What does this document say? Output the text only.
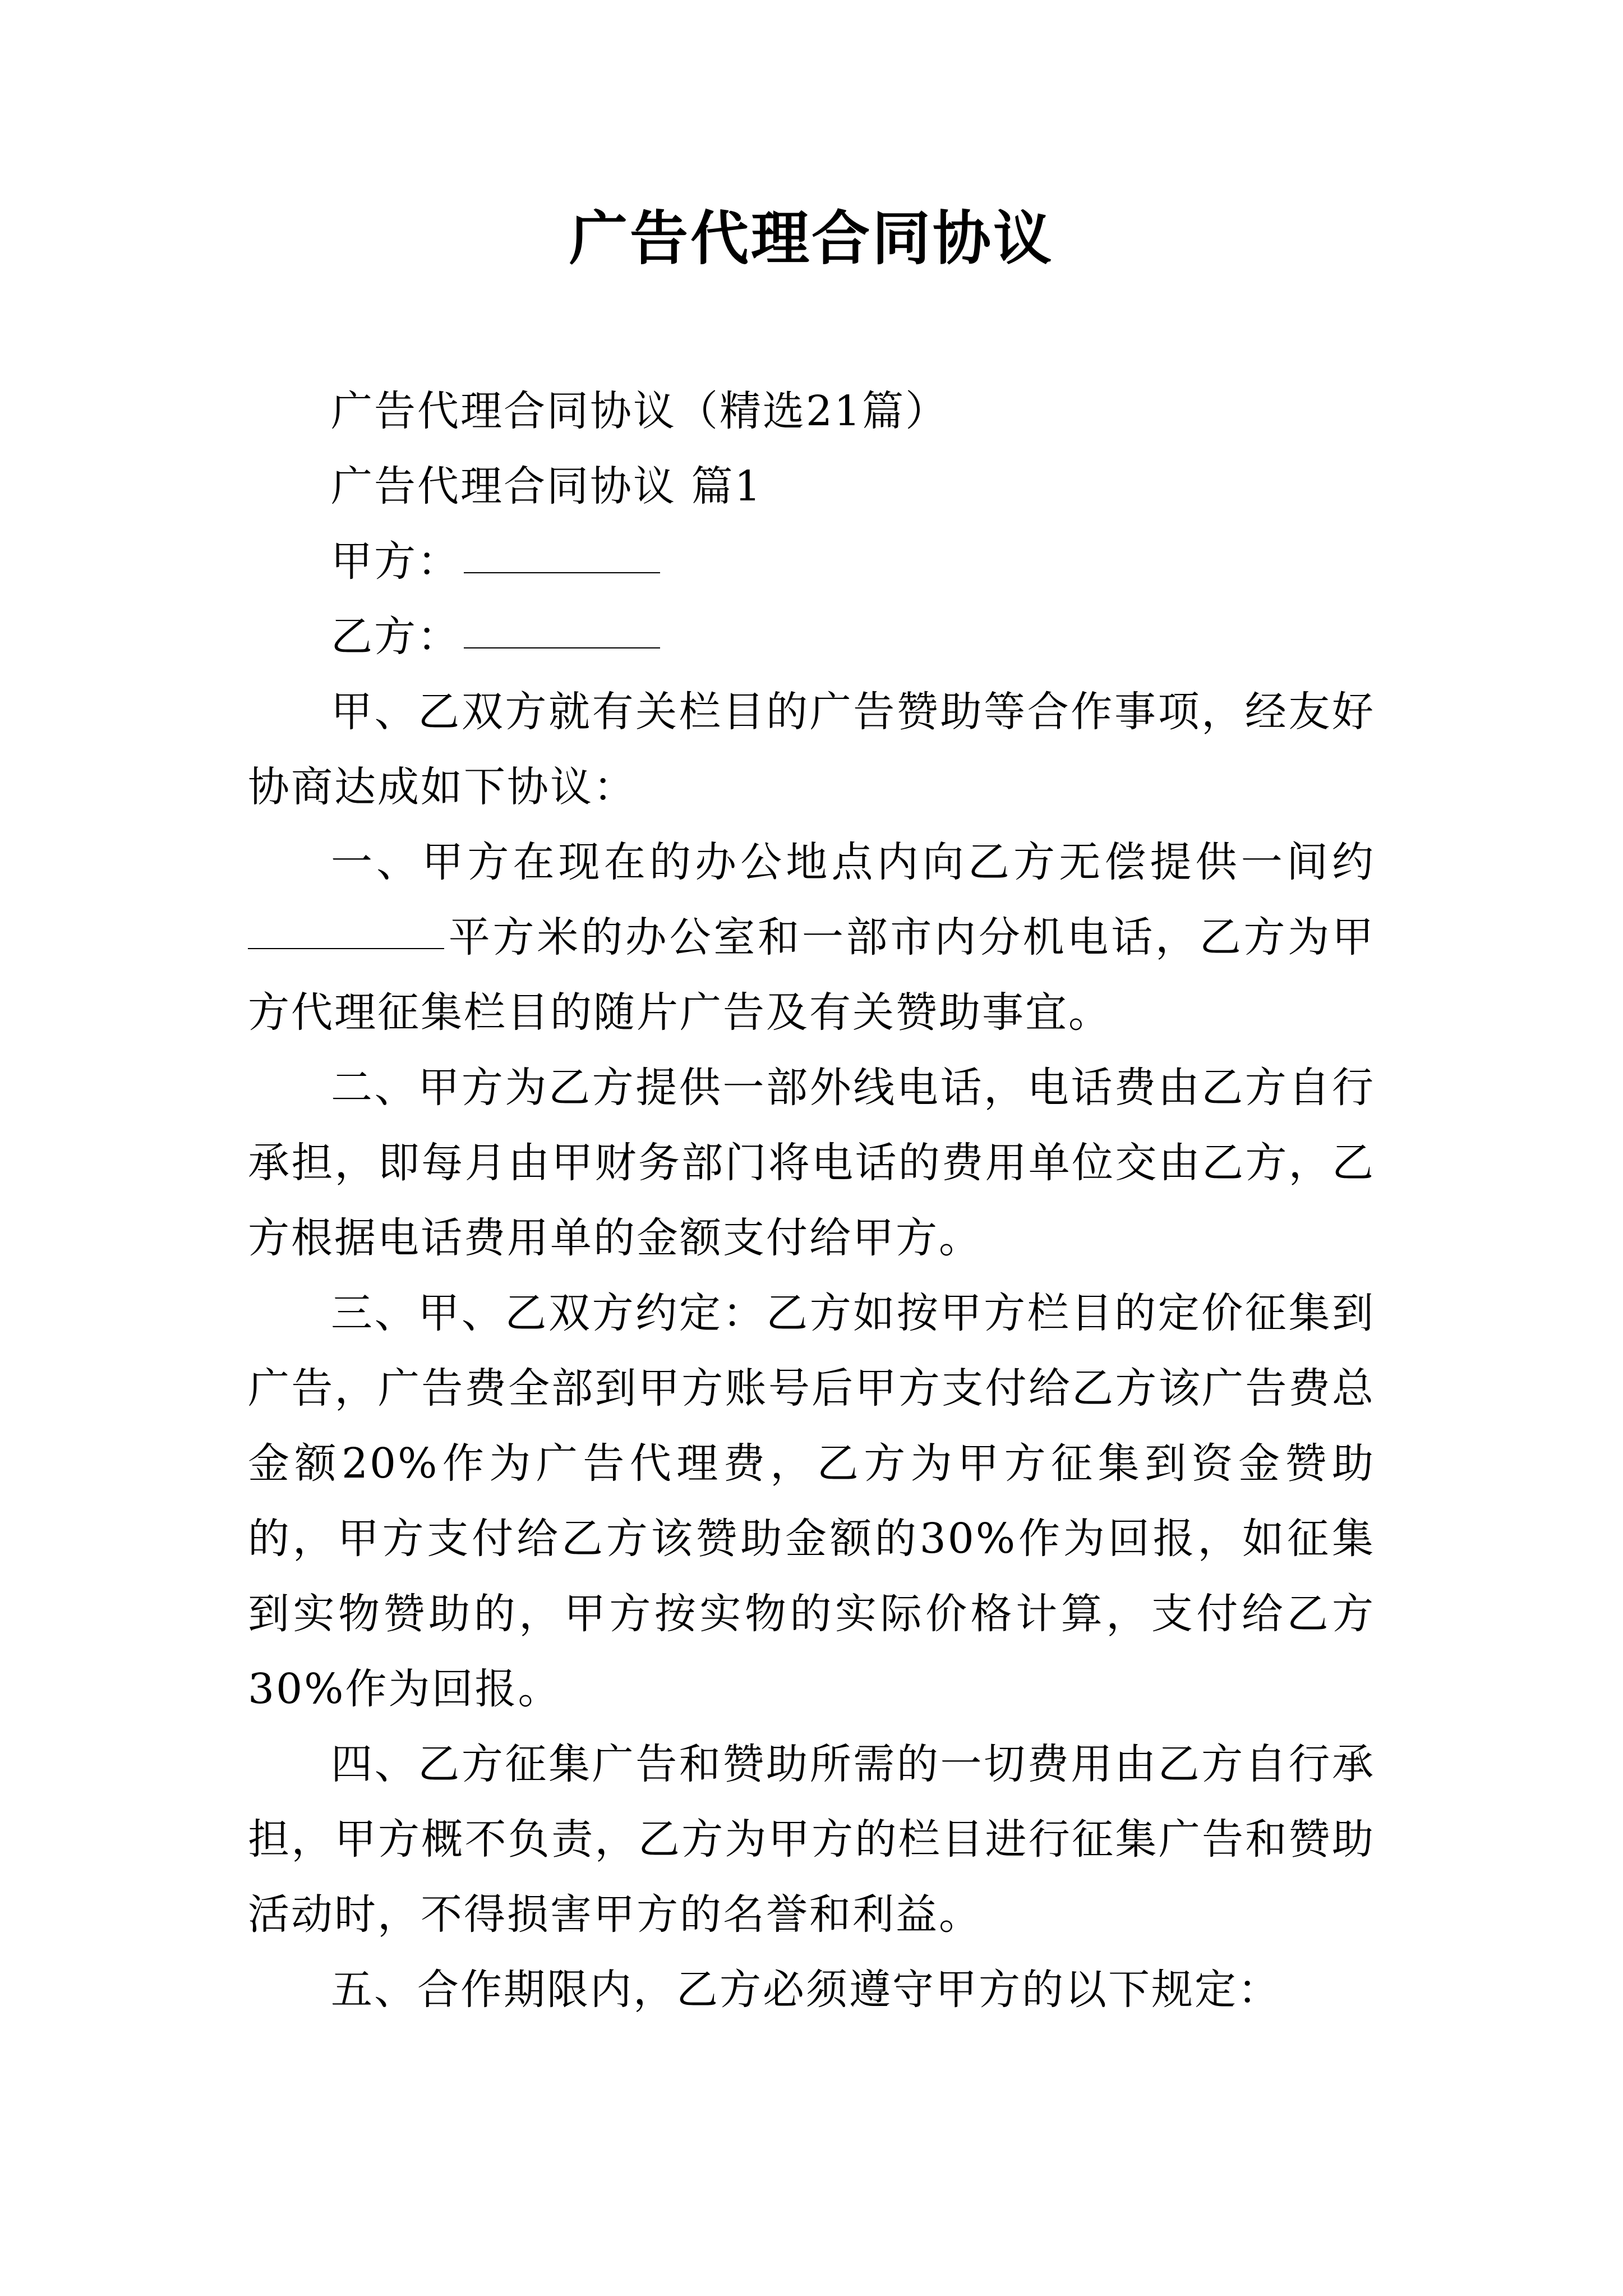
广告代理合同协议

广告代理合同协议（精选21篇）

广告代理合同协议 篇1

甲方：

乙方：

甲、乙双方就有关栏目的广告赞助等合作事项，经友好协商达成如下协议：

一、甲方在现在的办公地点内向乙方无偿提供一间约平方米的办公室和一部市内分机电话，乙方为甲方代理征集栏目的随片广告及有关赞助事宜。

二、甲方为乙方提供一部外线电话，电话费由乙方自行承担，即每月由甲财务部门将电话的费用单位交由乙方，乙方根据电话费用单的金额支付给甲方。

三、甲、乙双方约定：乙方如按甲方栏目的定价征集到广告，广告费全部到甲方账号后甲方支付给乙方该广告费总金额20%作为广告代理费，乙方为甲方征集到资金赞助的，甲方支付给乙方该赞助金额的30%作为回报，如征集到实物赞助的，甲方按实物的实际价格计算，支付给乙方30%作为回报。

四、乙方征集广告和赞助所需的一切费用由乙方自行承担，甲方概不负责，乙方为甲方的栏目进行征集广告和赞助活动时，不得损害甲方的名誉和利益。

五、合作期限内，乙方必须遵守甲方的以下规定：
